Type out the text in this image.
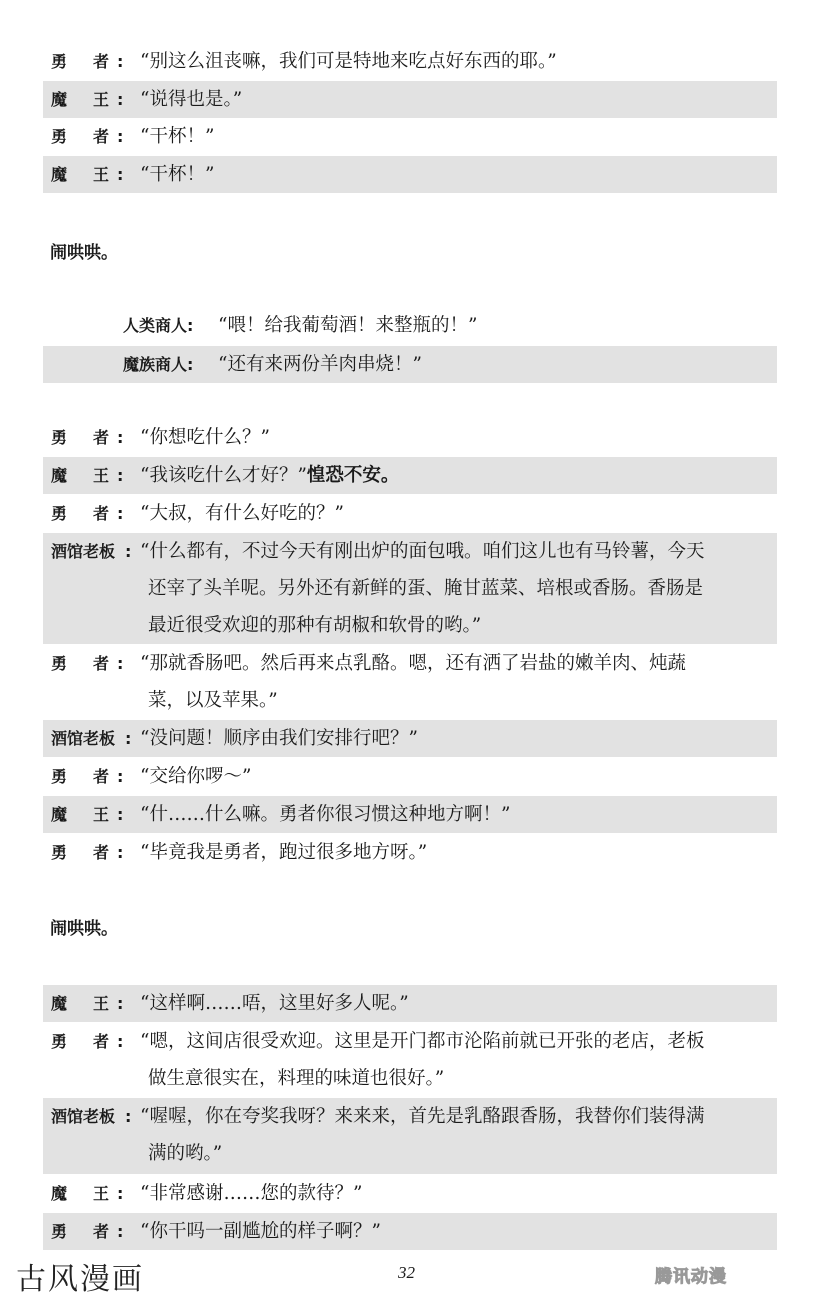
勇 者 : “别这么沮丧嘛，我们可是特地来吃点好东西的耶。”
魔 王 : “说得也是。”
勇 者 : “干杯！”
魔 王 : “干杯！”
闹哄哄。
人类商人: “喂！给我葡萄酒！来整瓶的！”
魔族商人: “还有来两份羊肉串烧！”
勇 者 : “你想吃什么？”
魔 王 : “我该吃什么才好？”惶恐不安。
勇 者 : “大叔，有什么好吃的？”
酒馆老板 : “什么都有，不过今天有刚出炉的面包哦。咱们这儿也有马铃薯，今天
还宰了头羊呢。另外还有新鲜的蛋、腌甘蓝菜、培根或香肠。香肠是
最近很受欢迎的那种有胡椒和软骨的哟。”
勇 者 : “那就香肠吧。然后再来点乳酪。嗯，还有洒了岩盐的嫩羊肉、炖蔬
菜，以及苹果。”
酒馆老板 : “没问题！顺序由我们安排行吧？”
勇 者 : “交给你啰～”
魔 王 : “什……什么嘛。勇者你很习惯这种地方啊！”
勇 者 : “毕竟我是勇者，跑过很多地方呀。”
闹哄哄。
魔 王 : “这样啊……唔，这里好多人呢。”
勇 者 : “嗯，这间店很受欢迎。这里是开门都市沦陷前就已开张的老店，老板
做生意很实在，料理的味道也很好。”
酒馆老板 : “喔喔，你在夸奖我呀？来来来，首先是乳酪跟香肠，我替你们装得满
满的哟。”
魔 王 : “非常感谢……您的款待？”
勇 者 : “你干吗一副尴尬的样子啊？”
古风漫画	32	腾讯动漫
